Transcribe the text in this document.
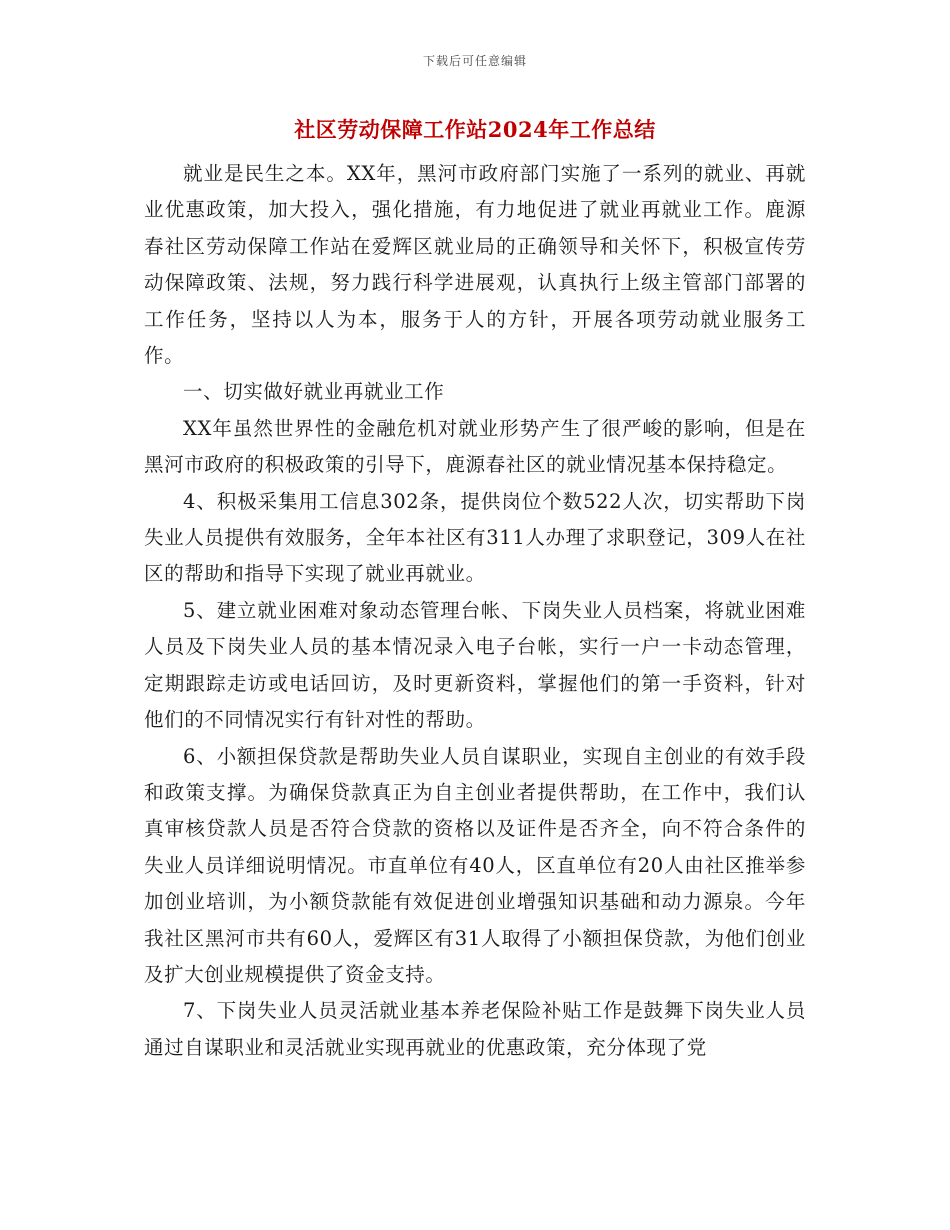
下载后可任意编辑
社区劳动保障工作站2024年工作总结

就业是民生之本。XX年，黑河市政府部门实施了一系列的就业、再就业优惠政策，加大投入，强化措施，有力地促进了就业再就业工作。鹿源春社区劳动保障工作站在爱辉区就业局的正确领导和关怀下，积极宣传劳动保障政策、法规，努力践行科学进展观，认真执行上级主管部门部署的工作任务，坚持以人为本，服务于人的方针，开展各项劳动就业服务工作。

一、切实做好就业再就业工作

XX年虽然世界性的金融危机对就业形势产生了很严峻的影响，但是在黑河市政府的积极政策的引导下，鹿源春社区的就业情况基本保持稳定。

4、积极采集用工信息302条，提供岗位个数522人次，切实帮助下岗失业人员提供有效服务，全年本社区有311人办理了求职登记，309人在社区的帮助和指导下实现了就业再就业。

5、建立就业困难对象动态管理台帐、下岗失业人员档案，将就业困难人员及下岗失业人员的基本情况录入电子台帐，实行一户一卡动态管理，定期跟踪走访或电话回访，及时更新资料，掌握他们的第一手资料，针对他们的不同情况实行有针对性的帮助。

6、小额担保贷款是帮助失业人员自谋职业，实现自主创业的有效手段和政策支撑。为确保贷款真正为自主创业者提供帮助，在工作中，我们认真审核贷款人员是否符合贷款的资格以及证件是否齐全，向不符合条件的失业人员详细说明情况。市直单位有40人，区直单位有20人由社区推举参加创业培训，为小额贷款能有效促进创业增强知识基础和动力源泉。今年我社区黑河市共有60人，爱辉区有31人取得了小额担保贷款，为他们创业及扩大创业规模提供了资金支持。

7、下岗失业人员灵活就业基本养老保险补贴工作是鼓舞下岗失业人员通过自谋职业和灵活就业实现再就业的优惠政策，充分体现了党
